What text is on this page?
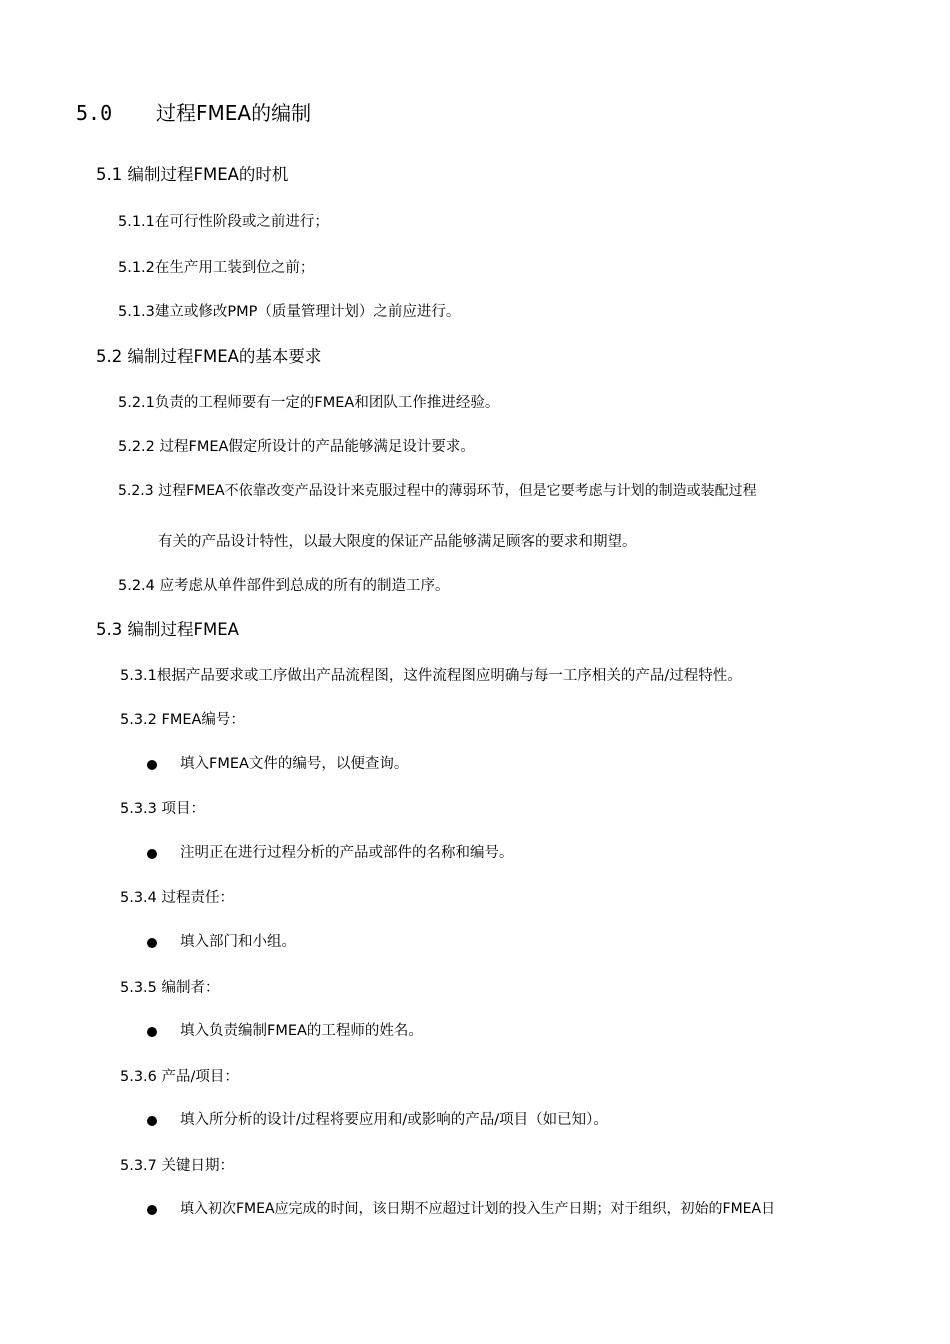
5.0 过程FMEA的编制
5.1 编制过程FMEA的时机
5.1.1在可行性阶段或之前进行；
5.1.2在生产用工装到位之前；
5.1.3建立或修改PMP（质量管理计划）之前应进行。
5.2 编制过程FMEA的基本要求
5.2.1负责的工程师要有一定的FMEA和团队工作推进经验。
5.2.2 过程FMEA假定所设计的产品能够满足设计要求。
5.2.3 过程FMEA不依靠改变产品设计来克服过程中的薄弱环节，但是它要考虑与计划的制造或装配过程
有关的产品设计特性，以最大限度的保证产品能够满足顾客的要求和期望。
5.2.4 应考虑从单件部件到总成的所有的制造工序。
5.3 编制过程FMEA
5.3.1根据产品要求或工序做出产品流程图，这件流程图应明确与每一工序相关的产品/过程特性。
5.3.2 FMEA编号：
填入FMEA文件的编号，以便查询。
5.3.3 项目：
注明正在进行过程分析的产品或部件的名称和编号。
5.3.4 过程责任：
填入部门和小组。
5.3.5 编制者：
填入负责编制FMEA的工程师的姓名。
5.3.6 产品/项目：
填入所分析的设计/过程将要应用和/或影响的产品/项目（如已知）。
5.3.7 关键日期：
填入初次FMEA应完成的时间，该日期不应超过计划的投入生产日期；对于组织，初始的FMEA日
